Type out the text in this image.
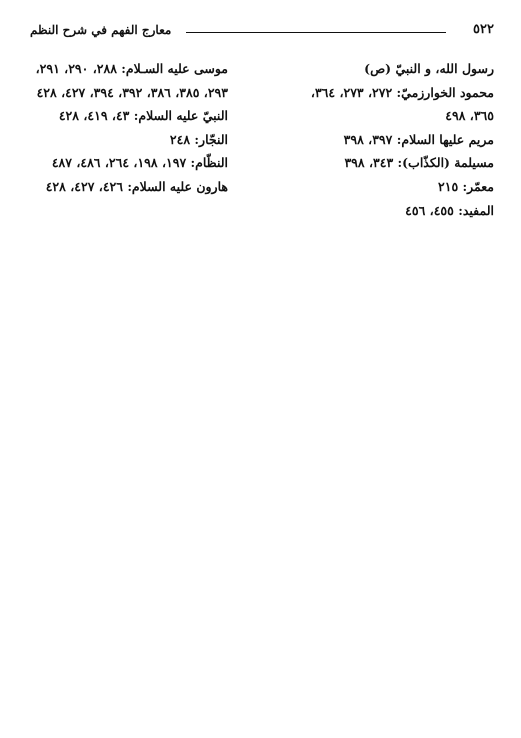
٥٢٢
معارج الفهم في شرح النظم

رسول الله، و النبيّ (ص)

محمود الخوارزميّ: ٢٧٢، ٢٧٣، ٣٦٤، ٣٦٥، ٤٩٨

مريم عليها السلام: ٣٩٧، ٣٩٨

مسيلمة (الكذّاب): ٣٤٣، ٣٩٨

معمّر: ٢١٥

المفيد: ٤٥٥، ٤٥٦

موسى عليه السـلام: ٢٨٨، ٢٩٠، ٢٩١، ٢٩٣، ٣٨٥، ٣٨٦، ٣٩٢، ٣٩٤، ٤٢٧، ٤٢٨

النبيّ عليه السلام: ٤٣، ٤١٩، ٤٢٨

النجّار: ٢٤٨

النظّام: ١٩٧، ١٩٨، ٢٦٤، ٤٨٦، ٤٨٧

هارون عليه السلام: ٤٢٦، ٤٢٧، ٤٢٨
